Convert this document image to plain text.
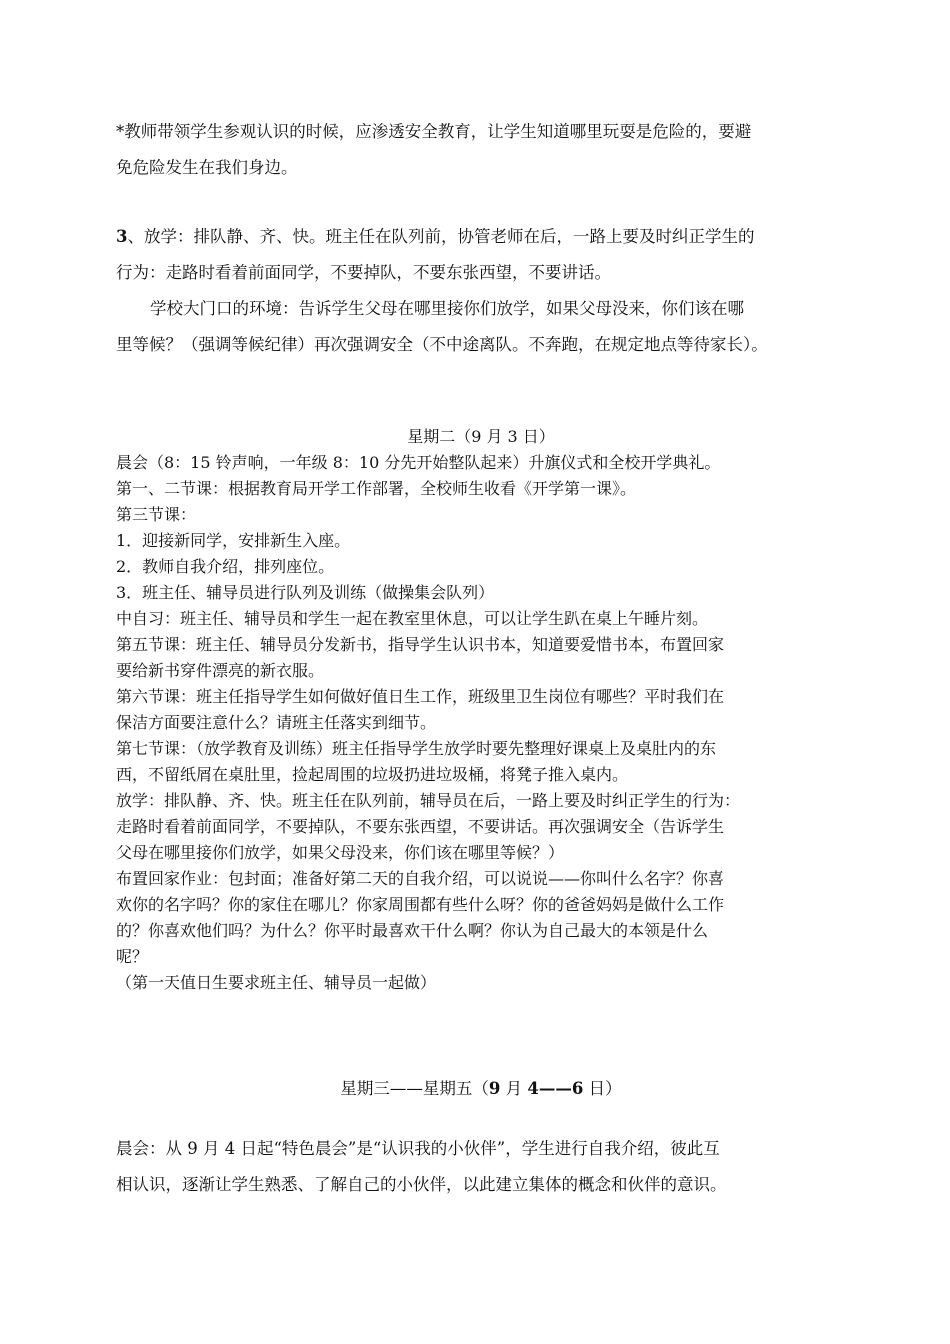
*教师带领学生参观认识的时候，应渗透安全教育，让学生知道哪里玩耍是危险的，要避
免危险发生在我们身边。
3、放学：排队静、齐、快。班主任在队列前，协管老师在后，一路上要及时纠正学生的
行为：走路时看着前面同学，不要掉队，不要东张西望，不要讲话。
学校大门口的环境：告诉学生父母在哪里接你们放学，如果父母没来，你们该在哪
里等候？（强调等候纪律）再次强调安全（不中途离队。不奔跑，在规定地点等待家长）。
星期二（9 月 3 日）
晨会（8：15 铃声响，一年级 8：10 分先开始整队起来）升旗仪式和全校开学典礼。
第一、二节课：根据教育局开学工作部署，全校师生收看《开学第一课》。
第三节课：
1．迎接新同学，安排新生入座。
2．教师自我介绍，排列座位。
3．班主任、辅导员进行队列及训练（做操集会队列）
中自习：班主任、辅导员和学生一起在教室里休息，可以让学生趴在桌上午睡片刻。
第五节课：班主任、辅导员分发新书，指导学生认识书本，知道要爱惜书本，布置回家
要给新书穿件漂亮的新衣服。
第六节课：班主任指导学生如何做好值日生工作，班级里卫生岗位有哪些？平时我们在
保洁方面要注意什么？请班主任落实到细节。
第七节课：（放学教育及训练）班主任指导学生放学时要先整理好课桌上及桌肚内的东
西，不留纸屑在桌肚里，捡起周围的垃圾扔进垃圾桶，将凳子推入桌内。
放学：排队静、齐、快。班主任在队列前，辅导员在后，一路上要及时纠正学生的行为：
走路时看着前面同学，不要掉队，不要东张西望，不要讲话。再次强调安全（告诉学生
父母在哪里接你们放学，如果父母没来，你们该在哪里等候？）
布置回家作业：包封面；准备好第二天的自我介绍，可以说说——你叫什么名字？你喜
欢你的名字吗？你的家住在哪儿？你家周围都有些什么呀？你的爸爸妈妈是做什么工作
的？你喜欢他们吗？为什么？你平时最喜欢干什么啊？你认为自己最大的本领是什么
呢？
（第一天值日生要求班主任、辅导员一起做）
星期三——星期五（9 月 4——6 日）
晨会：从 9 月 4 日起“特色晨会”是“认识我的小伙伴”，学生进行自我介绍，彼此互
相认识，逐渐让学生熟悉、了解自己的小伙伴，以此建立集体的概念和伙伴的意识。
